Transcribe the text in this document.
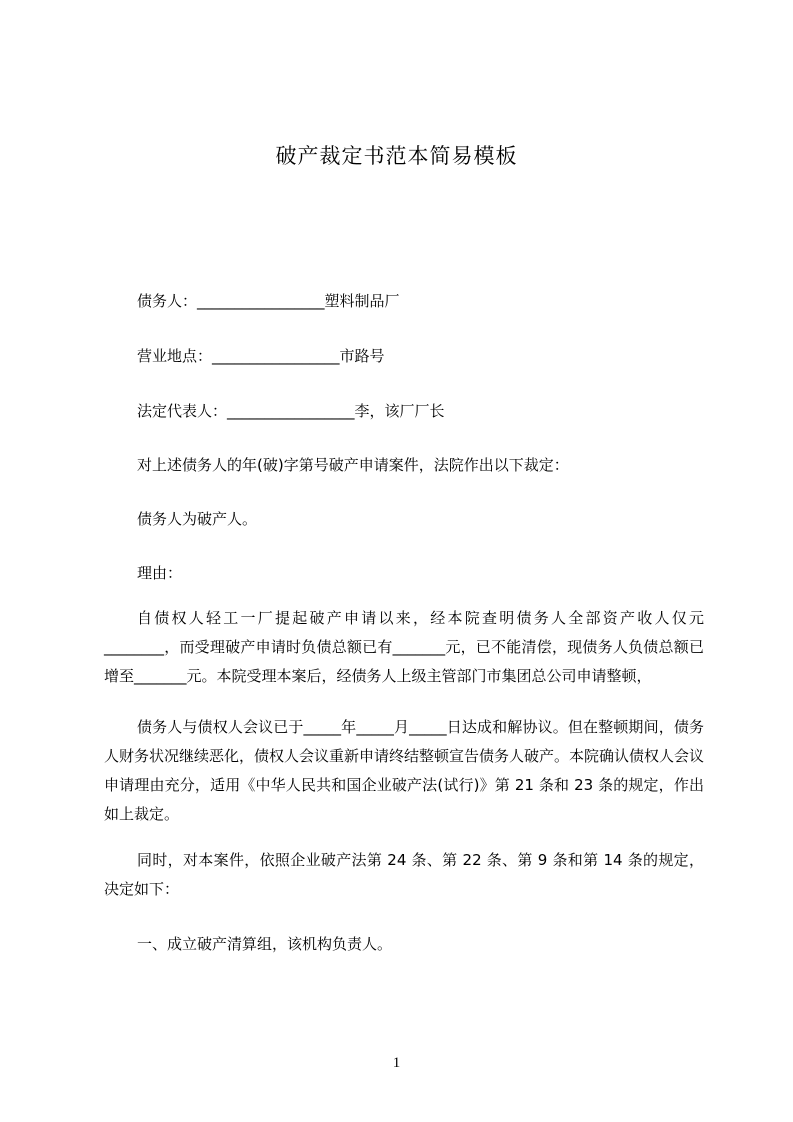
破产裁定书范本简易模板
债务人：_________________塑料制品厂
营业地点：_________________市路号
法定代表人：_________________李，该厂厂长
对上述债务人的年(破)字第号破产申请案件，法院作出以下裁定：
债务人为破产人。
理由：
自债权人轻工一厂提起破产申请以来，经本院查明债务人全部资产收人仅元________，而受理破产申请时负债总额已有_______元，已不能清偿，现债务人负债总额已增至_______元。本院受理本案后，经债务人上级主管部门市集团总公司申请整顿，
债务人与债权人会议已于_____年_____月_____日达成和解协议。但在整顿期间，债务人财务状况继续恶化，债权人会议重新申请终结整顿宣告债务人破产。本院确认债权人会议申请理由充分，适用《中华人民共和国企业破产法(试行)》第 21 条和 23 条的规定，作出如上裁定。
同时，对本案件，依照企业破产法第 24 条、第 22 条、第 9 条和第 14 条的规定，决定如下：
一、成立破产清算组，该机构负责人。
1
